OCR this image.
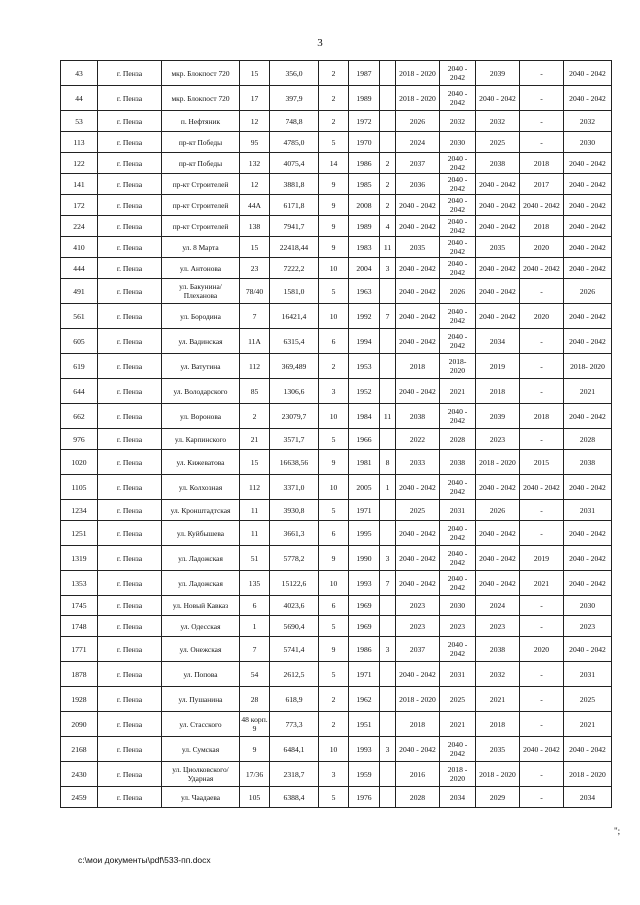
3
43	г. Пенза	мкр. Блокпост 720	15	356,0	2	1987		2018 - 2020	2040 - 2042	2039	-	2040 - 2042
44	г. Пенза	мкр. Блокпост 720	17	397,9	2	1989		2018 - 2020	2040 - 2042	2040 - 2042	-	2040 - 2042
53	г. Пенза	п. Нефтяник	12	748,8	2	1972		2026	2032	2032	-	2032
113	г. Пенза	пр-кт Победы	95	4785,0	5	1970		2024	2030	2025	-	2030
122	г. Пенза	пр-кт Победы	132	4075,4	14	1986	2	2037	2040 - 2042	2038	2018	2040 - 2042
141	г. Пенза	пр-кт Строителей	12	3881,8	9	1985	2	2036	2040 - 2042	2040 - 2042	2017	2040 - 2042
172	г. Пенза	пр-кт Строителей	44А	6171,8	9	2008	2	2040 - 2042	2040 - 2042	2040 - 2042	2040 - 2042	2040 - 2042
224	г. Пенза	пр-кт Строителей	138	7941,7	9	1989	4	2040 - 2042	2040 - 2042	2040 - 2042	2018	2040 - 2042
410	г. Пенза	ул. 8 Марта	15	22418,44	9	1983	11	2035	2040 - 2042	2035	2020	2040 - 2042
444	г. Пенза	ул. Антонова	23	7222,2	10	2004	3	2040 - 2042	2040 - 2042	2040 - 2042	2040 - 2042	2040 - 2042
491	г. Пенза	ул. Бакунина/ Плеханова	78/40	1581,0	5	1963		2040 - 2042	2026	2040 - 2042	-	2026
561	г. Пенза	ул. Бородина	7	16421,4	10	1992	7	2040 - 2042	2040 - 2042	2040 - 2042	2020	2040 - 2042
605	г. Пенза	ул. Вадинская	11А	6315,4	6	1994		2040 - 2042	2040 - 2042	2034	-	2040 - 2042
619	г. Пенза	ул. Ватутина	112	369,489	2	1953		2018	2018- 2020	2019	-	2018- 2020
644	г. Пенза	ул. Володарского	85	1306,6	3	1952		2040 - 2042	2021	2018	-	2021
662	г. Пенза	ул. Воронова	2	23079,7	10	1984	11	2038	2040 - 2042	2039	2018	2040 - 2042
976	г. Пенза	ул. Карпинского	21	3571,7	5	1966		2022	2028	2023	-	2028
1020	г. Пенза	ул. Кижеватова	15	16638,56	9	1981	8	2033	2038	2018 - 2020	2015	2038
1105	г. Пенза	ул. Колхозная	112	3371,0	10	2005	1	2040 - 2042	2040 - 2042	2040 - 2042	2040 - 2042	2040 - 2042
1234	г. Пенза	ул. Кронштадтская	11	3930,8	5	1971		2025	2031	2026	-	2031
1251	г. Пенза	ул. Куйбышева	11	3661,3	6	1995		2040 - 2042	2040 - 2042	2040 - 2042	-	2040 - 2042
1319	г. Пенза	ул. Ладожская	51	5778,2	9	1990	3	2040 - 2042	2040 - 2042	2040 - 2042	2019	2040 - 2042
1353	г. Пенза	ул. Ладожская	135	15122,6	10	1993	7	2040 - 2042	2040 - 2042	2040 - 2042	2021	2040 - 2042
1745	г. Пенза	ул. Новый Кавказ	6	4023,6	6	1969		2023	2030	2024	-	2030
1748	г. Пенза	ул. Одесская	1	5690,4	5	1969		2023	2023	2023	-	2023
1771	г. Пенза	ул. Онежская	7	5741,4	9	1986	3	2037	2040 - 2042	2038	2020	2040 - 2042
1878	г. Пенза	ул. Попова	54	2612,5	5	1971		2040 - 2042	2031	2032	-	2031
1928	г. Пенза	ул. Пушанина	28	618,9	2	1962		2018 - 2020	2025	2021	-	2025
2090	г. Пенза	ул. Стасского	48 корп. 9	773,3	2	1951		2018	2021	2018	-	2021
2168	г. Пенза	ул. Сумская	9	6484,1	10	1993	3	2040 - 2042	2040 - 2042	2035	2040 - 2042	2040 - 2042
2430	г. Пенза	ул. Циолковского/ Ударная	17/36	2318,7	3	1959		2016	2018 - 2020	2018 - 2020	-	2018 - 2020
2459	г. Пенза	ул. Чаадаева	105	6388,4	5	1976		2028	2034	2029	-	2034
";
c:\мои документы\pdf\533-пп.docx
